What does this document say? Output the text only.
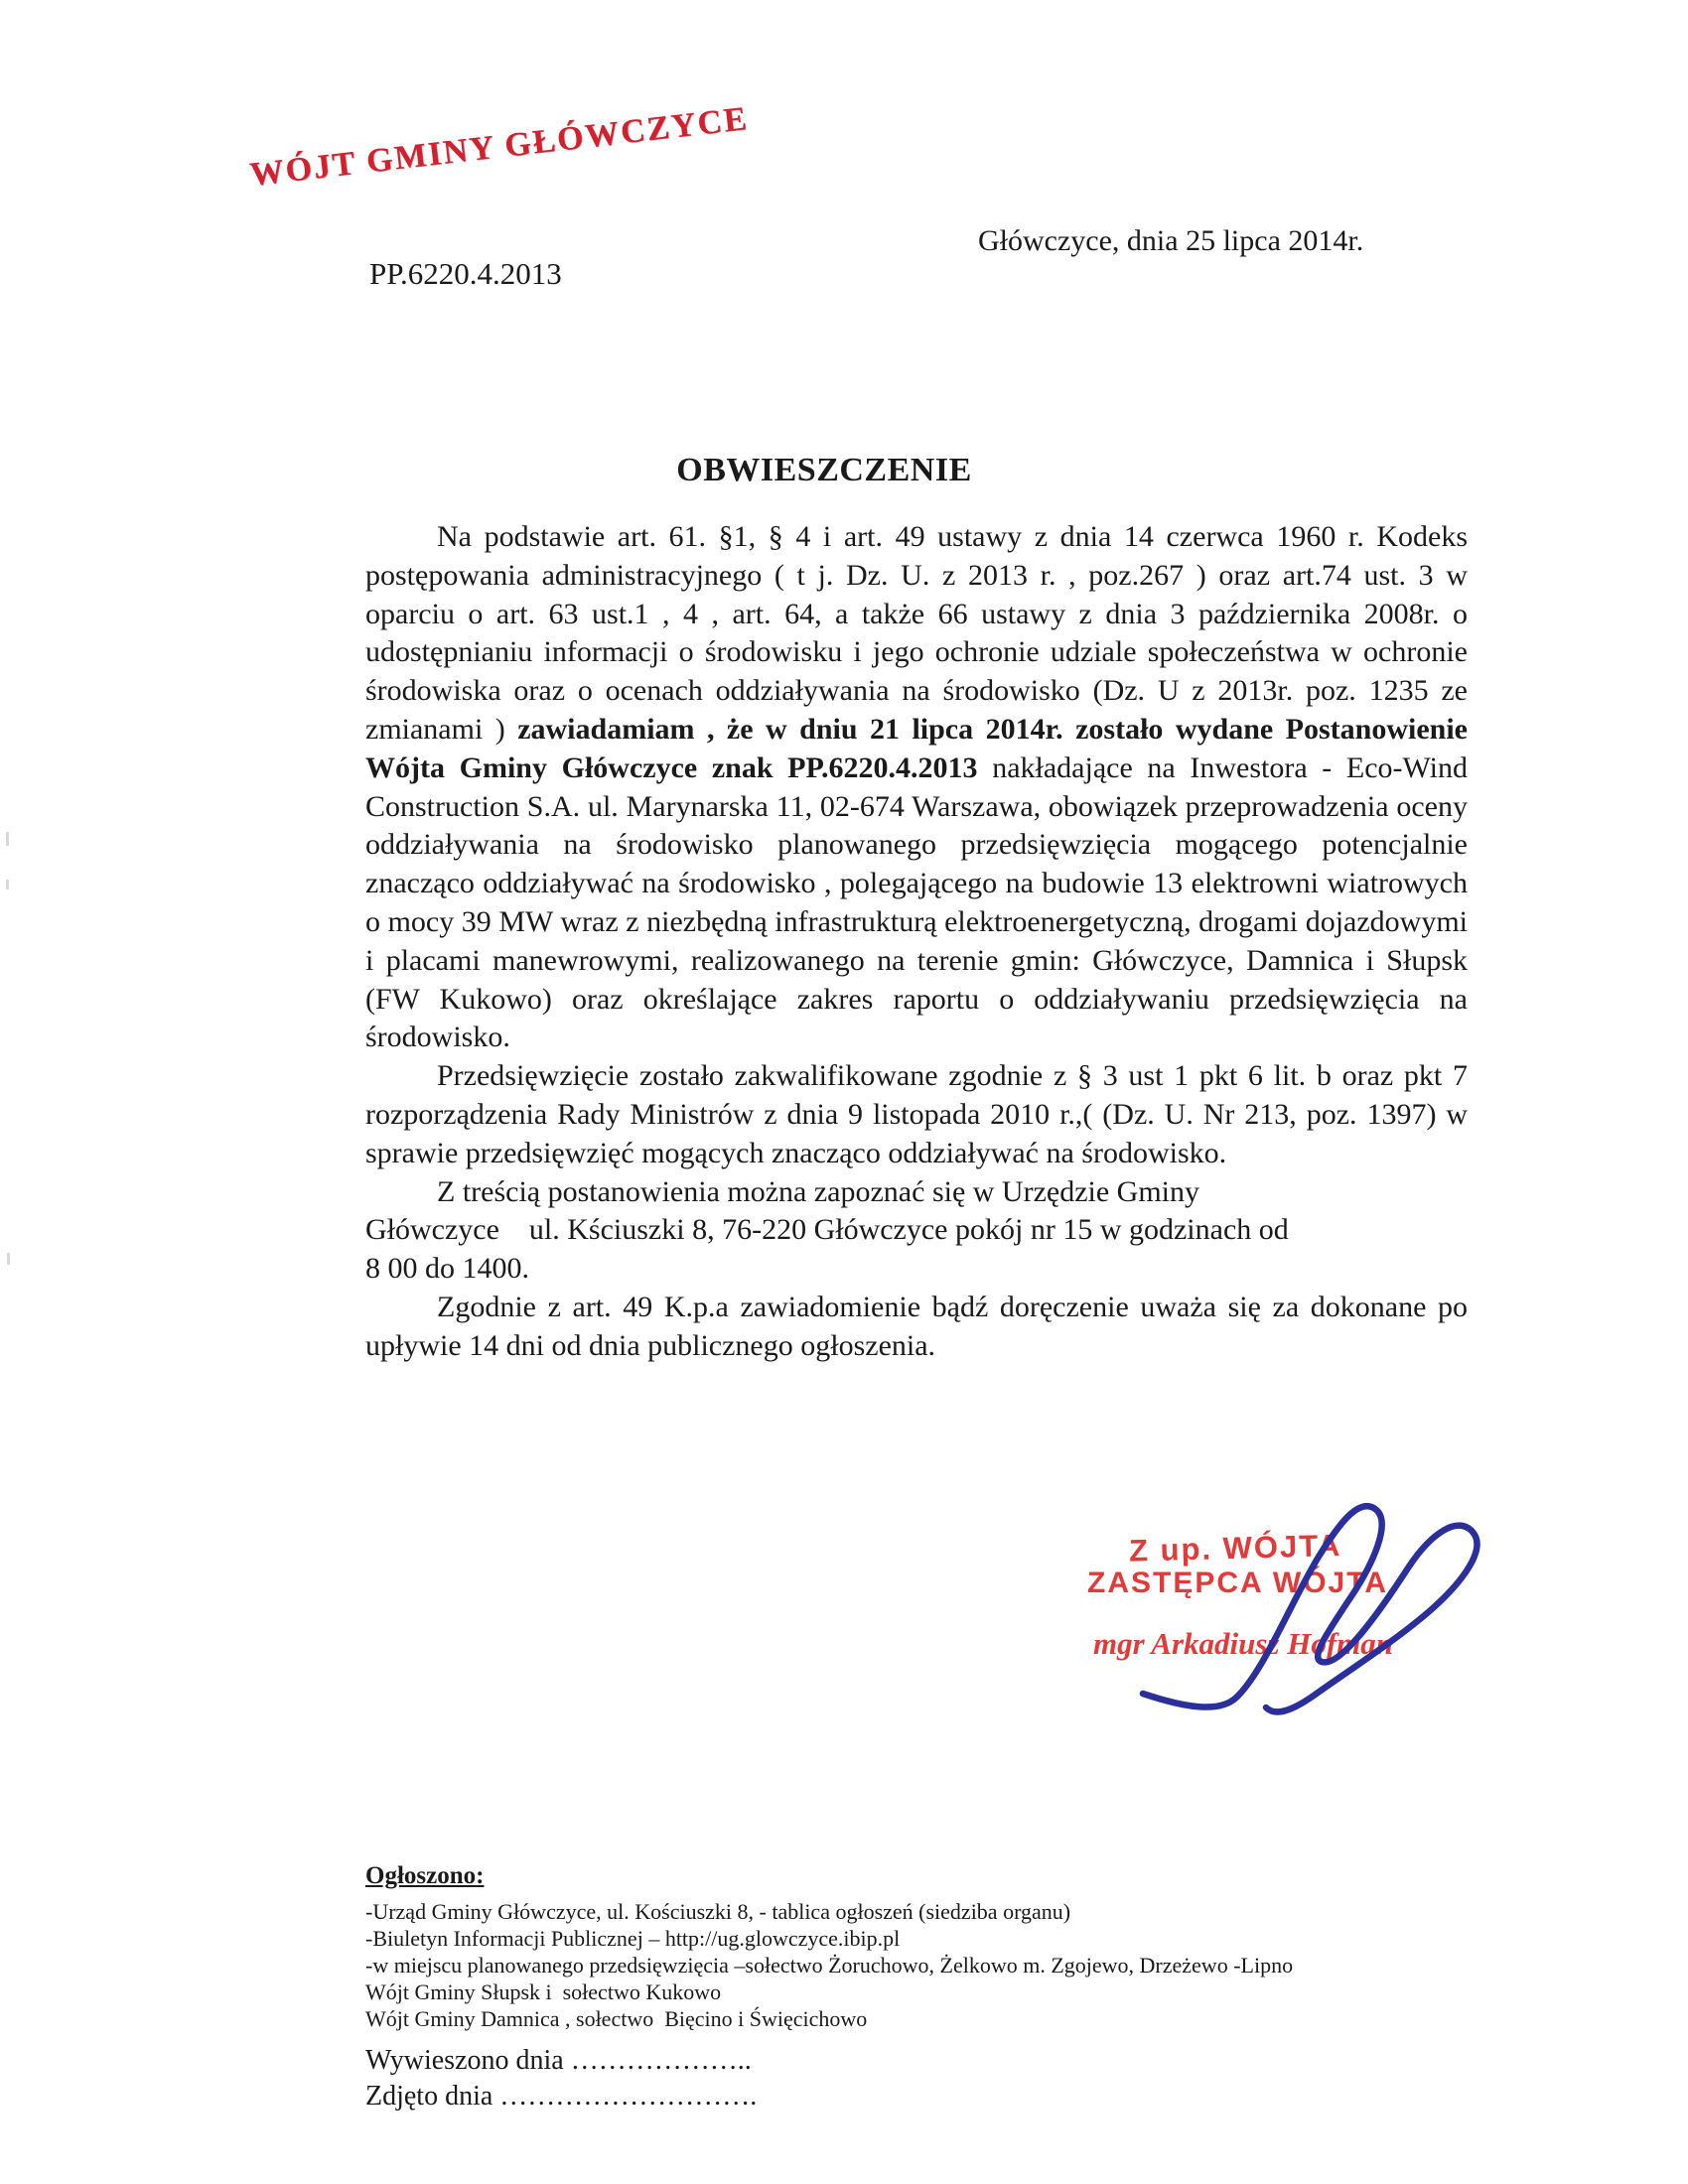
WÓJT GMINY GŁÓWCZYCE
Główczyce, dnia 25 lipca 2014r.
PP.6220.4.2013
OBWIESZCZENIE

Na podstawie art. 61. §1, § 4 i art. 49 ustawy z dnia 14 czerwca 1960 r. Kodeks postępowania administracyjnego ( t j. Dz. U. z 2013 r. , poz.267 ) oraz art.74 ust. 3 w oparciu o art. 63 ust.1 , 4 , art. 64, a także 66 ustawy z dnia 3 października 2008r. o udostępnianiu informacji o środowisku i jego ochronie udziale społeczeństwa w ochronie środowiska oraz o ocenach oddziaływania na środowisko (Dz. U z 2013r. poz. 1235 ze zmianami ) zawiadamiam , że w dniu 21 lipca 2014r. zostało wydane Postanowienie Wójta Gminy Główczyce znak PP.6220.4.2013 nakładające na Inwestora - Eco-Wind Construction S.A. ul. Marynarska 11, 02-674 Warszawa, obowiązek przeprowadzenia oceny oddziaływania na środowisko planowanego przedsięwzięcia mogącego potencjalnie znacząco oddziaływać na środowisko , polegającego na budowie 13 elektrowni wiatrowych o mocy 39 MW wraz z niezbędną infrastrukturą elektroenergetyczną, drogami dojazdowymi i placami manewrowymi, realizowanego na terenie gmin: Główczyce, Damnica i Słupsk (FW Kukowo) oraz określające zakres raportu o oddziaływaniu przedsięwzięcia na środowisko.

Przedsięwzięcie zostało zakwalifikowane zgodnie z § 3 ust 1 pkt 6 lit. b oraz pkt 7 rozporządzenia Rady Ministrów z dnia 9 listopada 2010 r.,( (Dz. U. Nr 213, poz. 1397) w sprawie przedsięwzięć mogących znacząco oddziaływać na środowisko.

Z treścią postanowienia można zapoznać się w Urzędzie Gminy
Główczyce    ul. Kściuszki 8, 76-220 Główczyce pokój nr 15 w godzinach od
8 00 do 1400.

Zgodnie z art. 49 K.p.a zawiadomienie bądź doręczenie uważa się za dokonane po upływie 14 dni od dnia publicznego ogłoszenia.

Z up. WÓJTA
ZASTĘPCA WÓJTA
mgr Arkadiusz Hofman
Ogłoszono:
-Urząd Gminy Główczyce, ul. Kościuszki 8, - tablica ogłoszeń (siedziba organu)
-Biuletyn Informacji Publicznej – http://ug.glowczyce.ibip.pl
-w miejscu planowanego przedsięwzięcia –sołectwo Żoruchowo, Żelkowo m. Zgojewo, Drzeżewo -Lipno
Wójt Gminy Słupsk i  sołectwo Kukowo
Wójt Gminy Damnica , sołectwo  Bięcino i Święcichowo
Wywieszono dnia ………………..
Zdjęto dnia ……………………….
